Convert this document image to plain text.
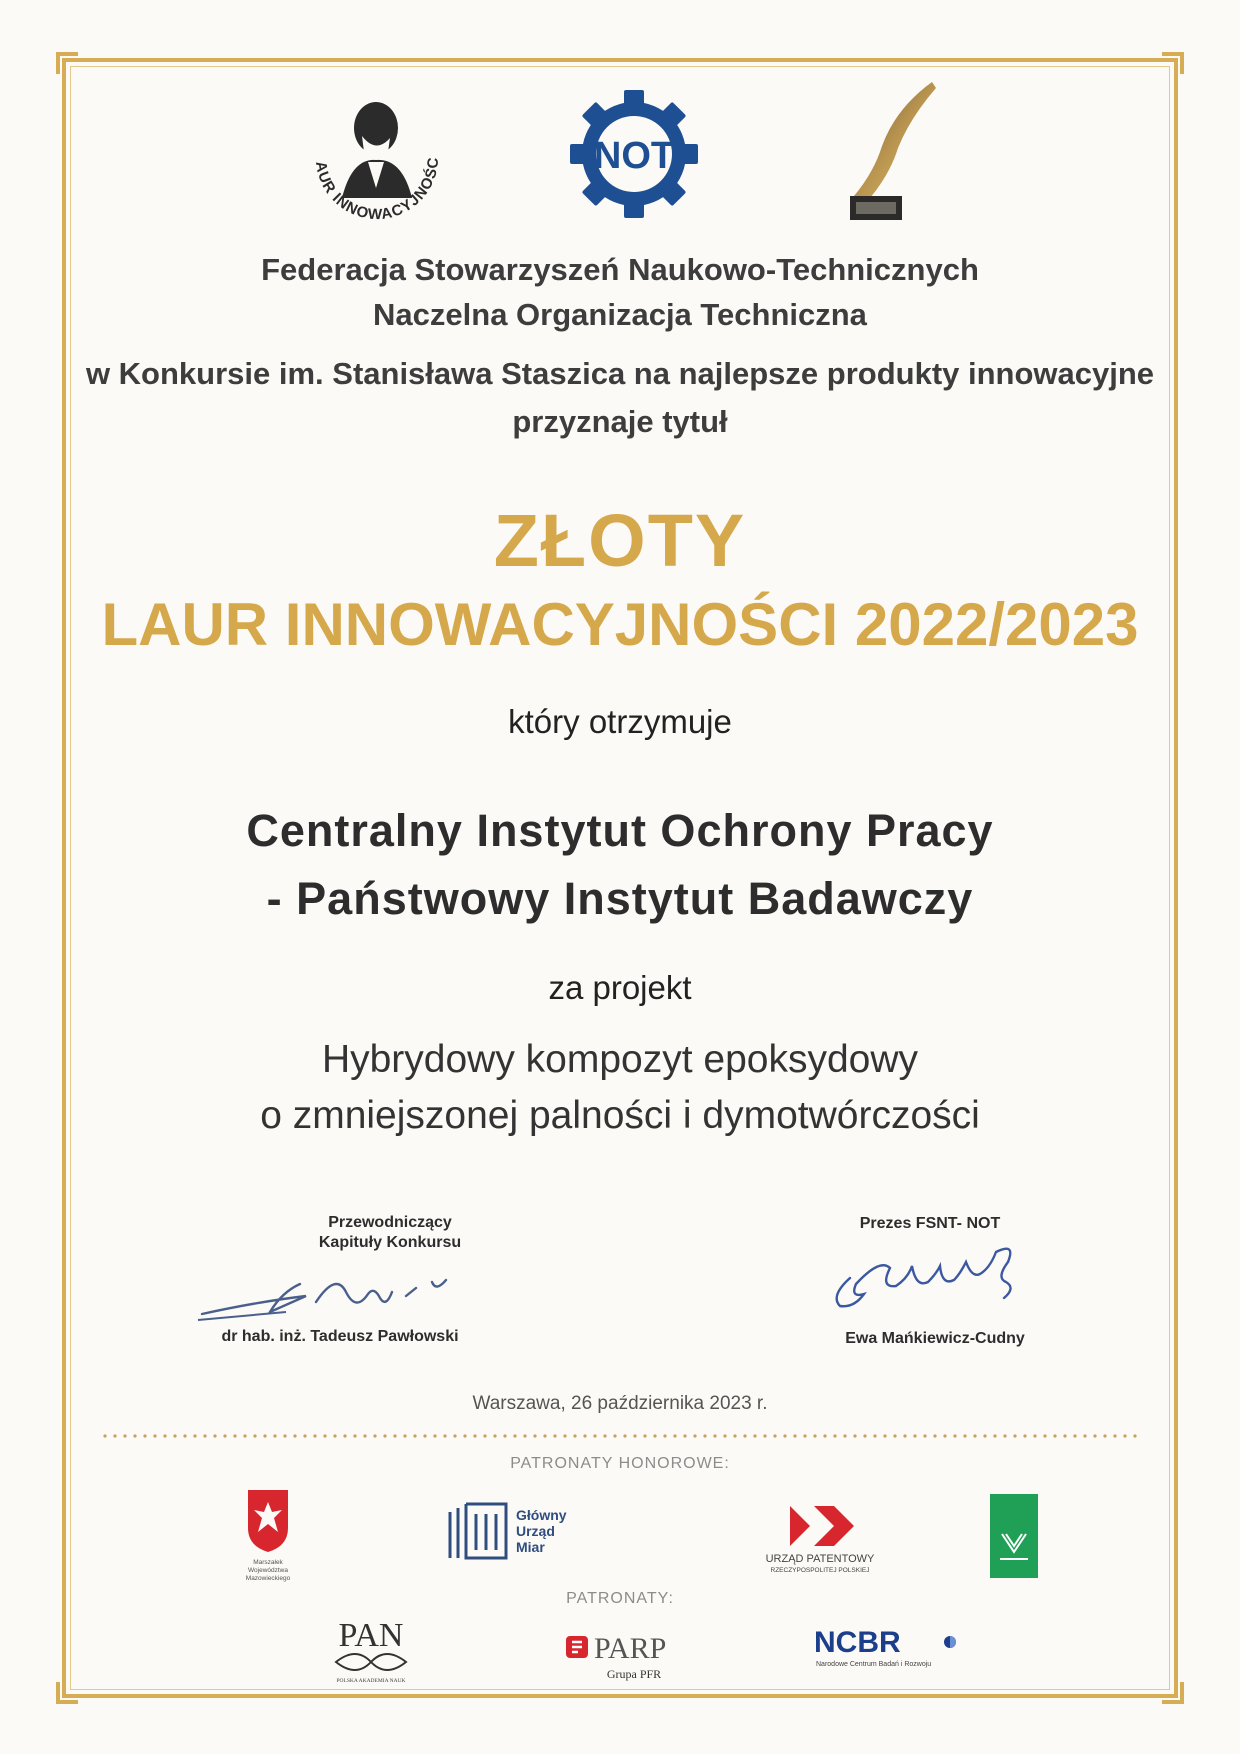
AUR INNOWACYJNOŚC	NOT
Federacja Stowarzyszeń Naukowo-Technicznych
Naczelna Organizacja Techniczna
w Konkursie im. Stanisława Staszica na najlepsze produkty innowacyjne
przyznaje tytuł
ZŁOTY
LAUR INNOWACYJNOŚCI 2022/2023
który otrzymuje
Centralny Instytut Ochrony Pracy
- Państwowy Instytut Badawczy
za projekt
Hybrydowy kompozyt epoksydowy
o zmniejszonej palności i dymotwórczości
Przewodniczący
Kapituły Konkursu
dr hab. inż. Tadeusz Pawłowski
Prezes FSNT- NOT
Ewa Mańkiewicz-Cudny
Warszawa, 26 października 2023 r.
PATRONATY HONOROWE:
Marszałek
Województwa
Mazowieckiego
Główny
Urząd
Miar
URZĄD PATENTOWY
RZECZYPOSPOLITEJ POLSKIEJ
PATRONATY:
PAN
POLSKA AKADEMIA NAUK
PARP
Grupa PFR
NCBR
Narodowe Centrum Badań i Rozwoju
